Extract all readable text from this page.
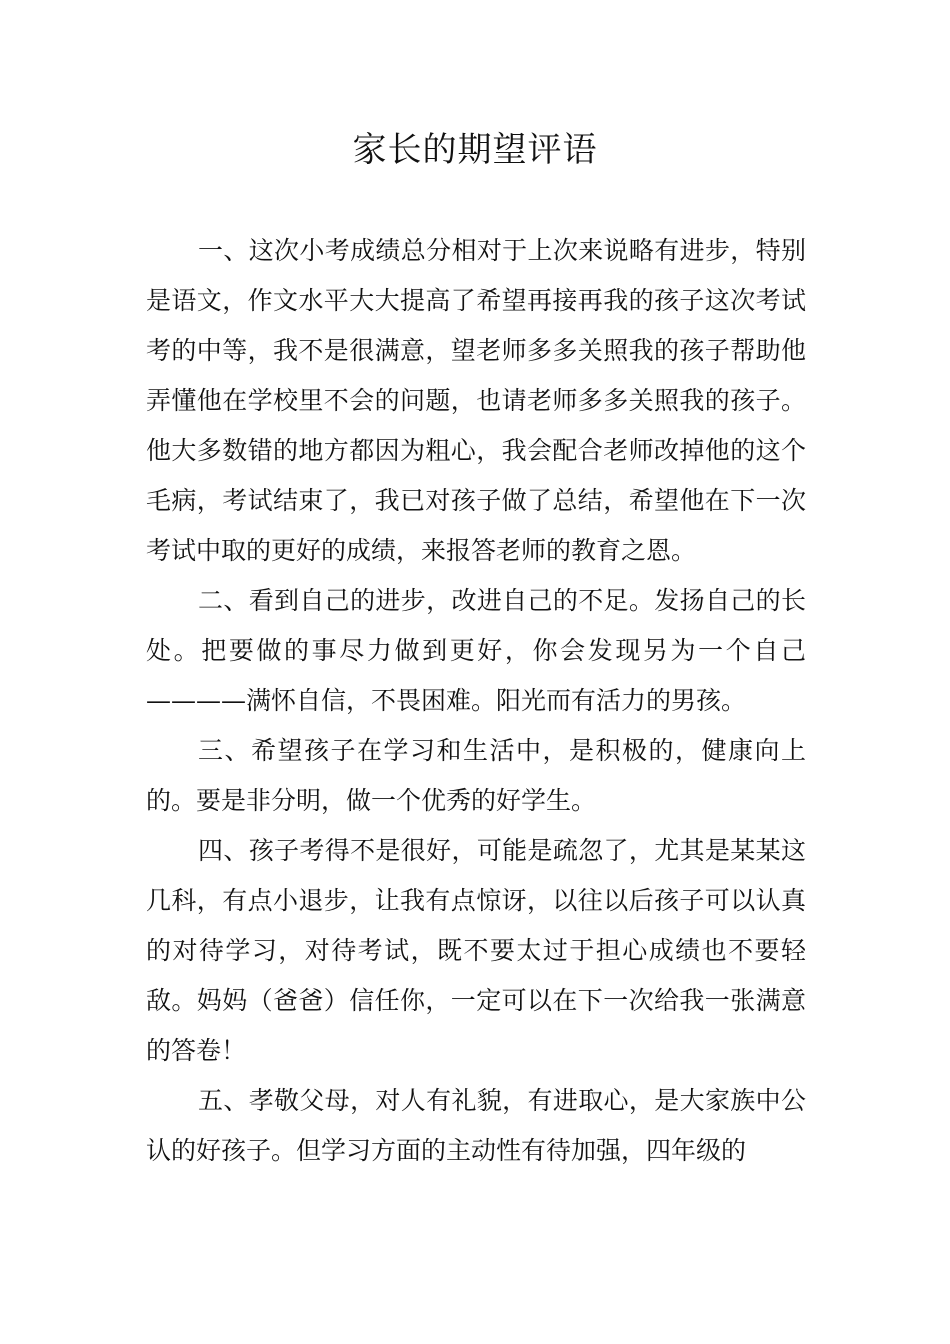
家长的期望评语

一、这次小考成绩总分相对于上次来说略有进步，特别是语文，作文水平大大提高了希望再接再我的孩子这次考试考的中等，我不是很满意，望老师多多关照我的孩子帮助他弄懂他在学校里不会的问题，也请老师多多关照我的孩子。他大多数错的地方都因为粗心，我会配合老师改掉他的这个毛病，考试结束了，我已对孩子做了总结，希望他在下一次考试中取的更好的成绩，来报答老师的教育之恩。

二、看到自己的进步，改进自己的不足。发扬自己的长处。把要做的事尽力做到更好，你会发现另为一个自己————满怀自信，不畏困难。阳光而有活力的男孩。

三、希望孩子在学习和生活中，是积极的，健康向上的。要是非分明，做一个优秀的好学生。

四、孩子考得不是很好，可能是疏忽了，尤其是某某这几科，有点小退步，让我有点惊讶，以往以后孩子可以认真的对待学习，对待考试，既不要太过于担心成绩也不要轻敌。妈妈（爸爸）信任你，一定可以在下一次给我一张满意的答卷！

五、孝敬父母，对人有礼貌，有进取心，是大家族中公认的好孩子。但学习方面的主动性有待加强，四年级的
